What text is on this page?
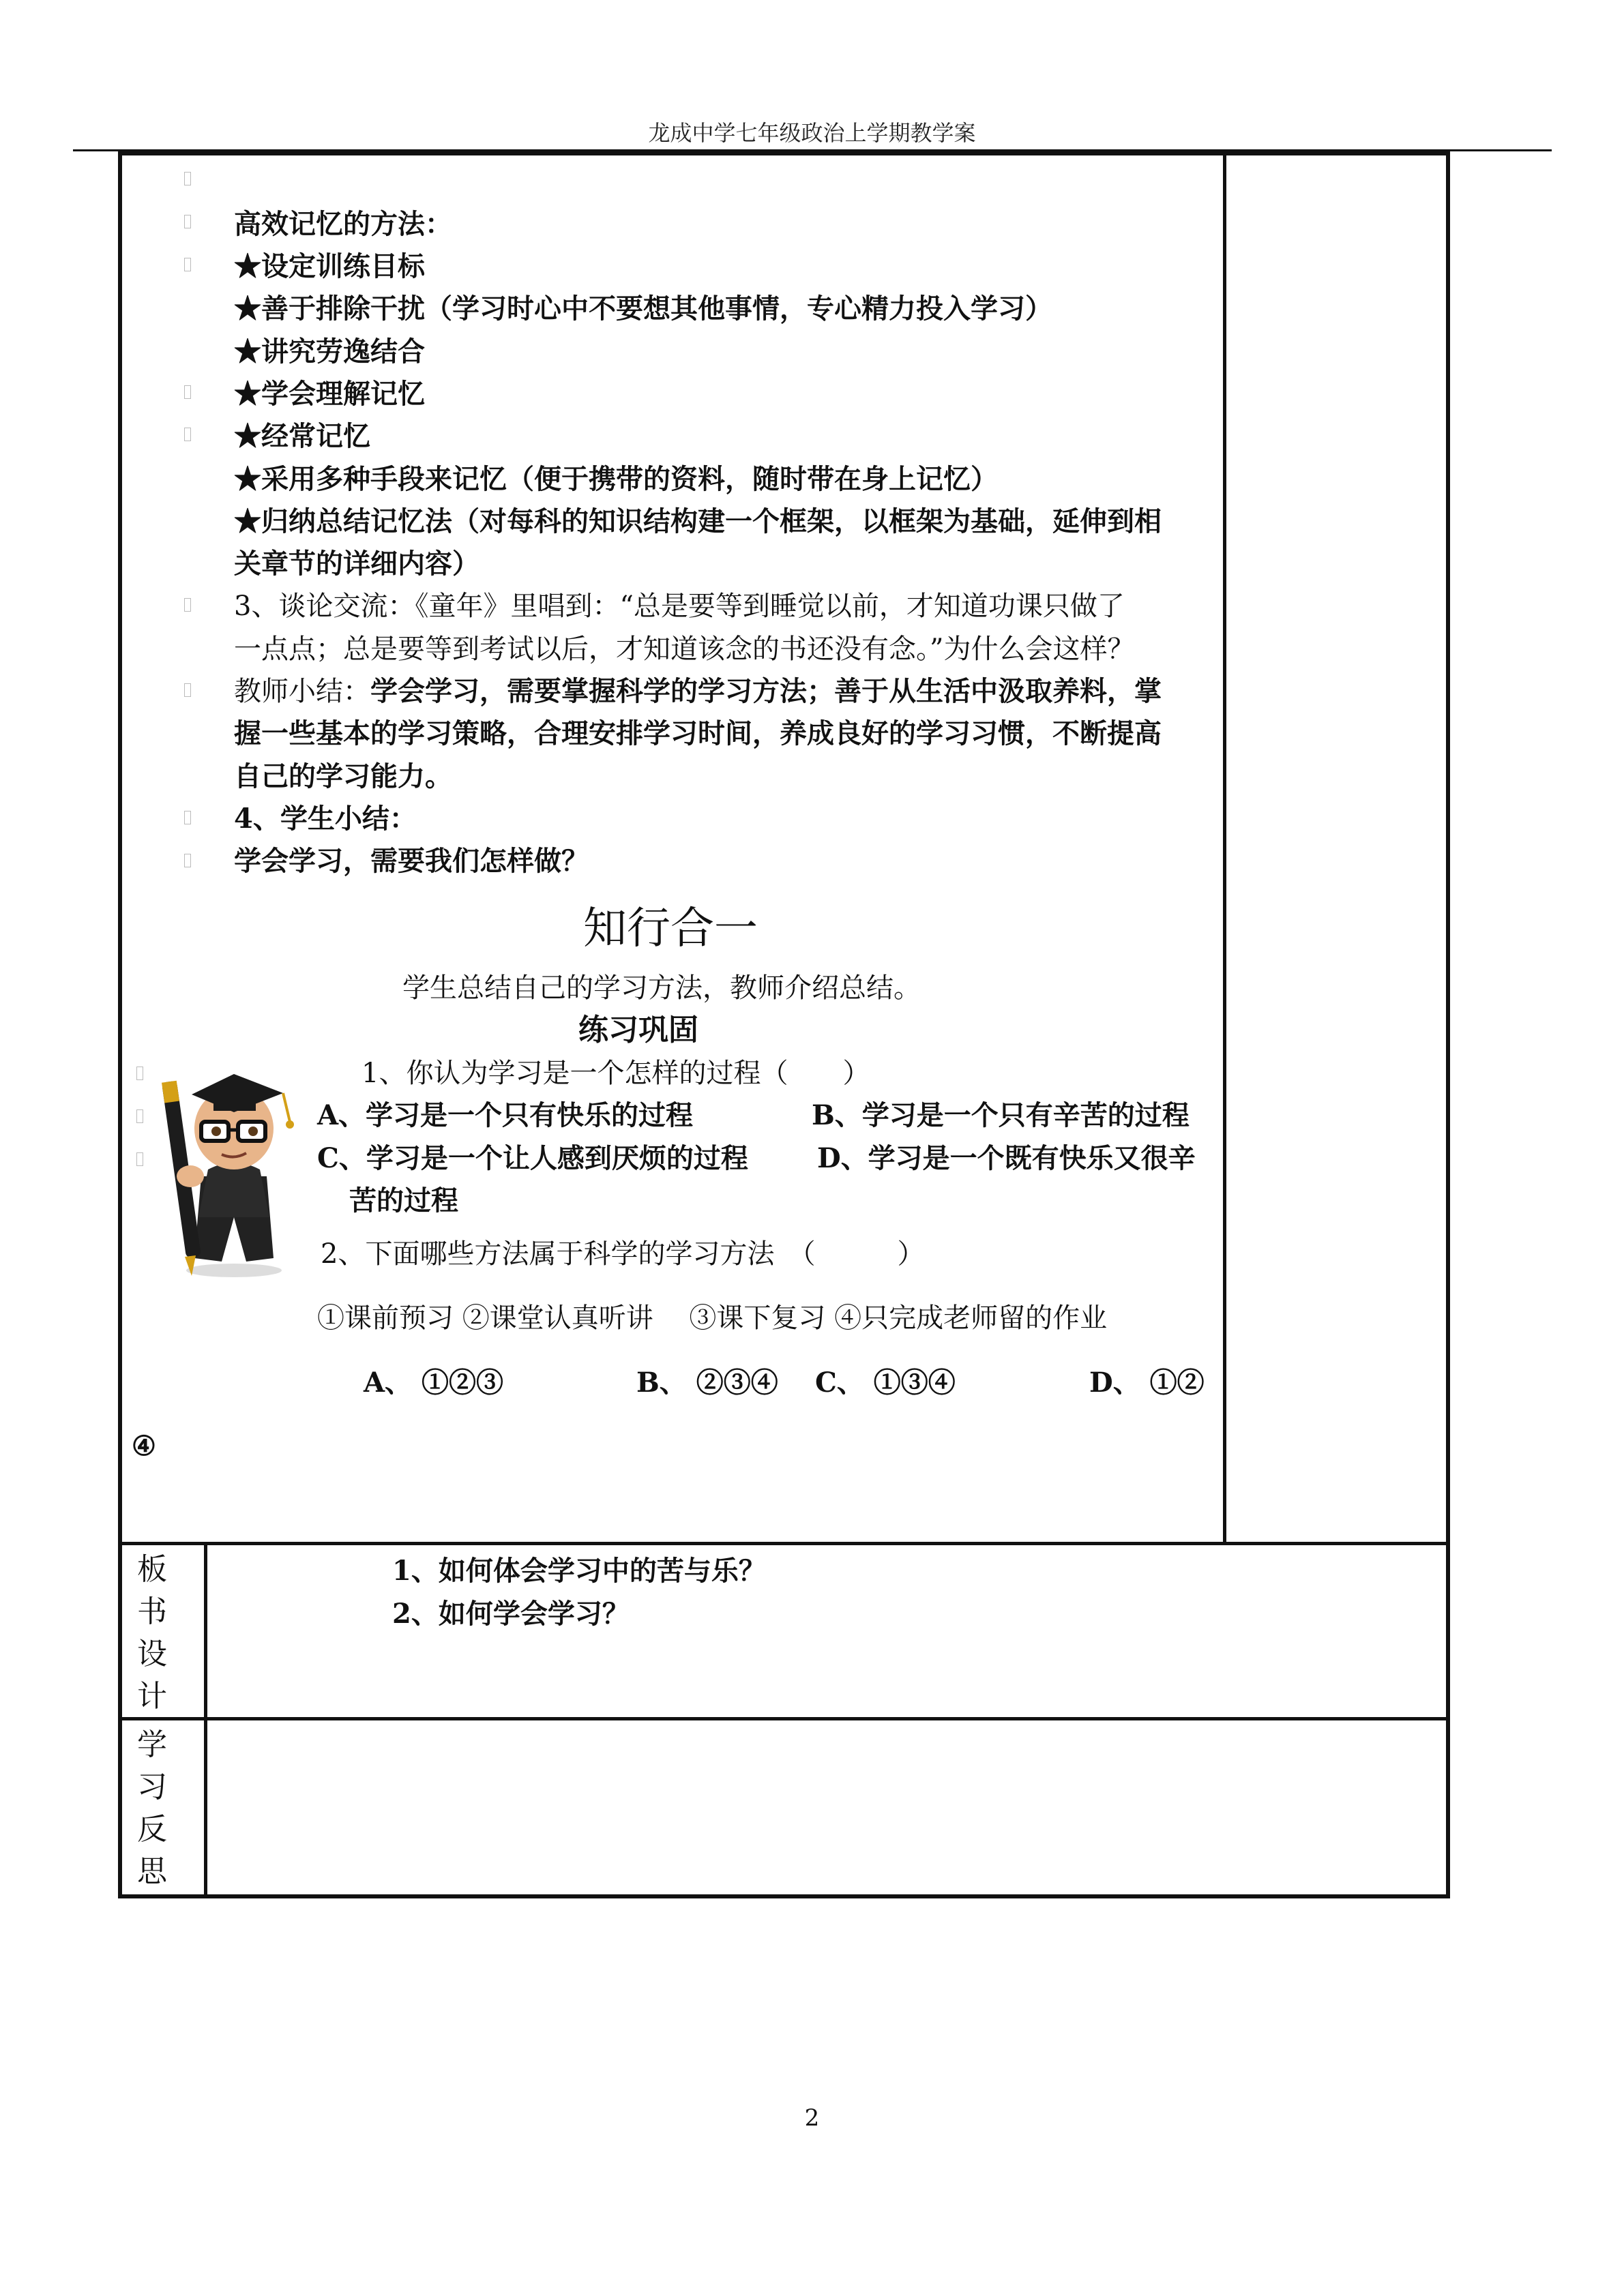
龙成中学七年级政治上学期教学案
高效记忆的方法：
★设定训练目标
★善于排除干扰（学习时心中不要想其他事情，专心精力投入学习）
★讲究劳逸结合
★学会理解记忆
★经常记忆
★采用多种手段来记忆（便于携带的资料，随时带在身上记忆）
★归纳总结记忆法（对每科的知识结构建一个框架，以框架为基础，延伸到相
关章节的详细内容）
3、谈论交流：《童年》里唱到：“总是要等到睡觉以前，才知道功课只做了
一点点；总是要等到考试以后，才知道该念的书还没有念。”为什么会这样？
教师小结：学会学习，需要掌握科学的学习方法；善于从生活中汲取养料，掌
握一些基本的学习策略，合理安排学习时间，养成良好的学习习惯，不断提高
自己的学习能力。
4、学生小结：
学会学习，需要我们怎样做？
知行合一
学生总结自己的学习方法，教师介绍总结。
练习巩固
1、你认为学习是一个怎样的过程（　　）
A、学习是一个只有快乐的过程	B、学习是一个只有辛苦的过程
C、学习是一个让人感到厌烦的过程	D、学习是一个既有快乐又很辛
苦的过程
2、下面哪些方法属于科学的学习方法　（　　　）
①课前预习 ②课堂认真听讲　 ③课下复习 ④只完成老师留的作业
A、 ①②③	B、 ②③④ C、 ①③④	D、 ①②
④
板
书
设
计
1、如何体会学习中的苦与乐？
2、如何学会学习？
学
习
反
思
2
